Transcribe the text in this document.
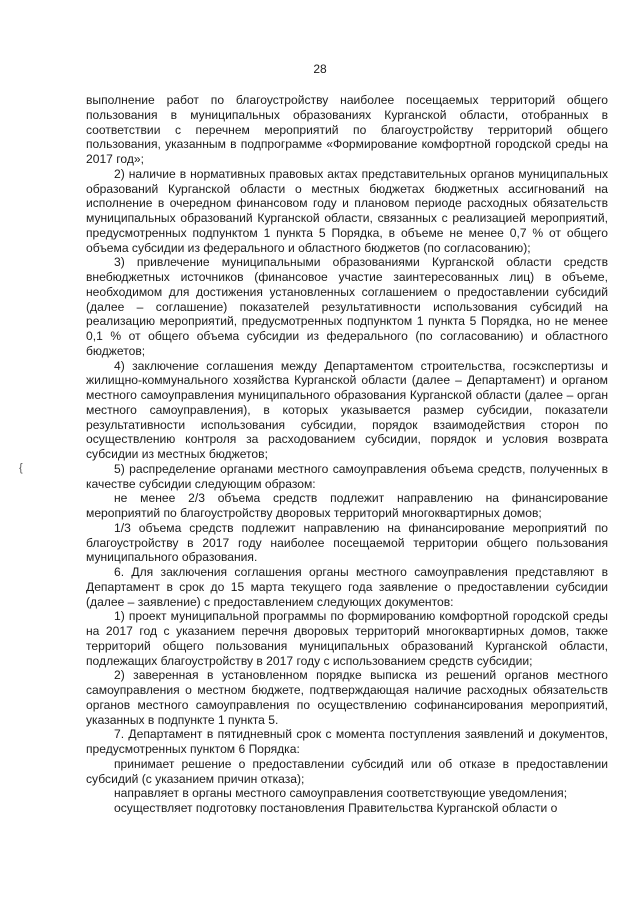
28
{

выполнение работ по благоустройству наиболее посещаемых территорий общего пользования в муниципальных образованиях Курганской области, отобранных в соответствии с перечнем мероприятий по благоустройству территорий общего пользования, указанным в подпрограмме «Формирование комфортной городской среды на 2017 год»;

2) наличие в нормативных правовых актах представительных органов муниципальных образований Курганской области о местных бюджетах бюджетных ассигнований на исполнение в очередном финансовом году и плановом периоде расходных обязательств муниципальных образований Курганской области, связанных с реализацией мероприятий, предусмотренных подпунктом 1 пункта 5 Порядка, в объеме не менее 0,7 % от общего объема субсидии из федерального и областного бюджетов (по согласованию);

3) привлечение муниципальными образованиями Курганской области средств внебюджетных источников (финансовое участие заинтересованных лиц) в объеме, необходимом для достижения установленных соглашением о предоставлении субсидий (далее – соглашение) показателей результативности использования субсидий на реализацию мероприятий, предусмотренных подпунктом 1 пункта 5 Порядка, но не менее 0,1 % от общего объема субсидии из федерального (по согласованию) и областного бюджетов;

4) заключение соглашения между Департаментом строительства, госэкспертизы и жилищно-коммунального хозяйства Курганской области (далее – Департамент) и органом местного самоуправления муниципального образования Курганской области (далее – орган местного самоуправления), в которых указывается размер субсидии, показатели результативности использования субсидии, порядок взаимодействия сторон по осуществлению контроля за расходованием субсидии, порядок и условия возврата субсидии из местных бюджетов;

5) распределение органами местного самоуправления объема средств, полученных в качестве субсидии следующим образом:

не менее 2/3 объема средств подлежит направлению на финансирование мероприятий по благоустройству дворовых территорий многоквартирных домов;

1/3 объема средств подлежит направлению на финансирование мероприятий по благоустройству в 2017 году наиболее посещаемой территории общего пользования муниципального образования.

6. Для заключения соглашения органы местного самоуправления представляют в Департамент в срок до 15 марта текущего года заявление о предоставлении субсидии (далее – заявление) с предоставлением следующих документов:

1) проект муниципальной программы по формированию комфортной городской среды на 2017 год с указанием перечня дворовых территорий многоквартирных домов, также территорий общего пользования муниципальных образований Курганской области, подлежащих благоустройству в 2017 году с использованием средств субсидии;

2) заверенная в установленном порядке выписка из решений органов местного самоуправления о местном бюджете, подтверждающая наличие расходных обязательств органов местного самоуправления по осуществлению софинансирования мероприятий, указанных в подпункте 1 пункта 5.

7. Департамент в пятидневный срок с момента поступления заявлений и документов, предусмотренных пунктом 6 Порядка:

принимает решение о предоставлении субсидий или об отказе в предоставлении субсидий (с указанием причин отказа);

направляет в органы местного самоуправления соответствующие уведомления;

осуществляет подготовку постановления Правительства Курганской области о
